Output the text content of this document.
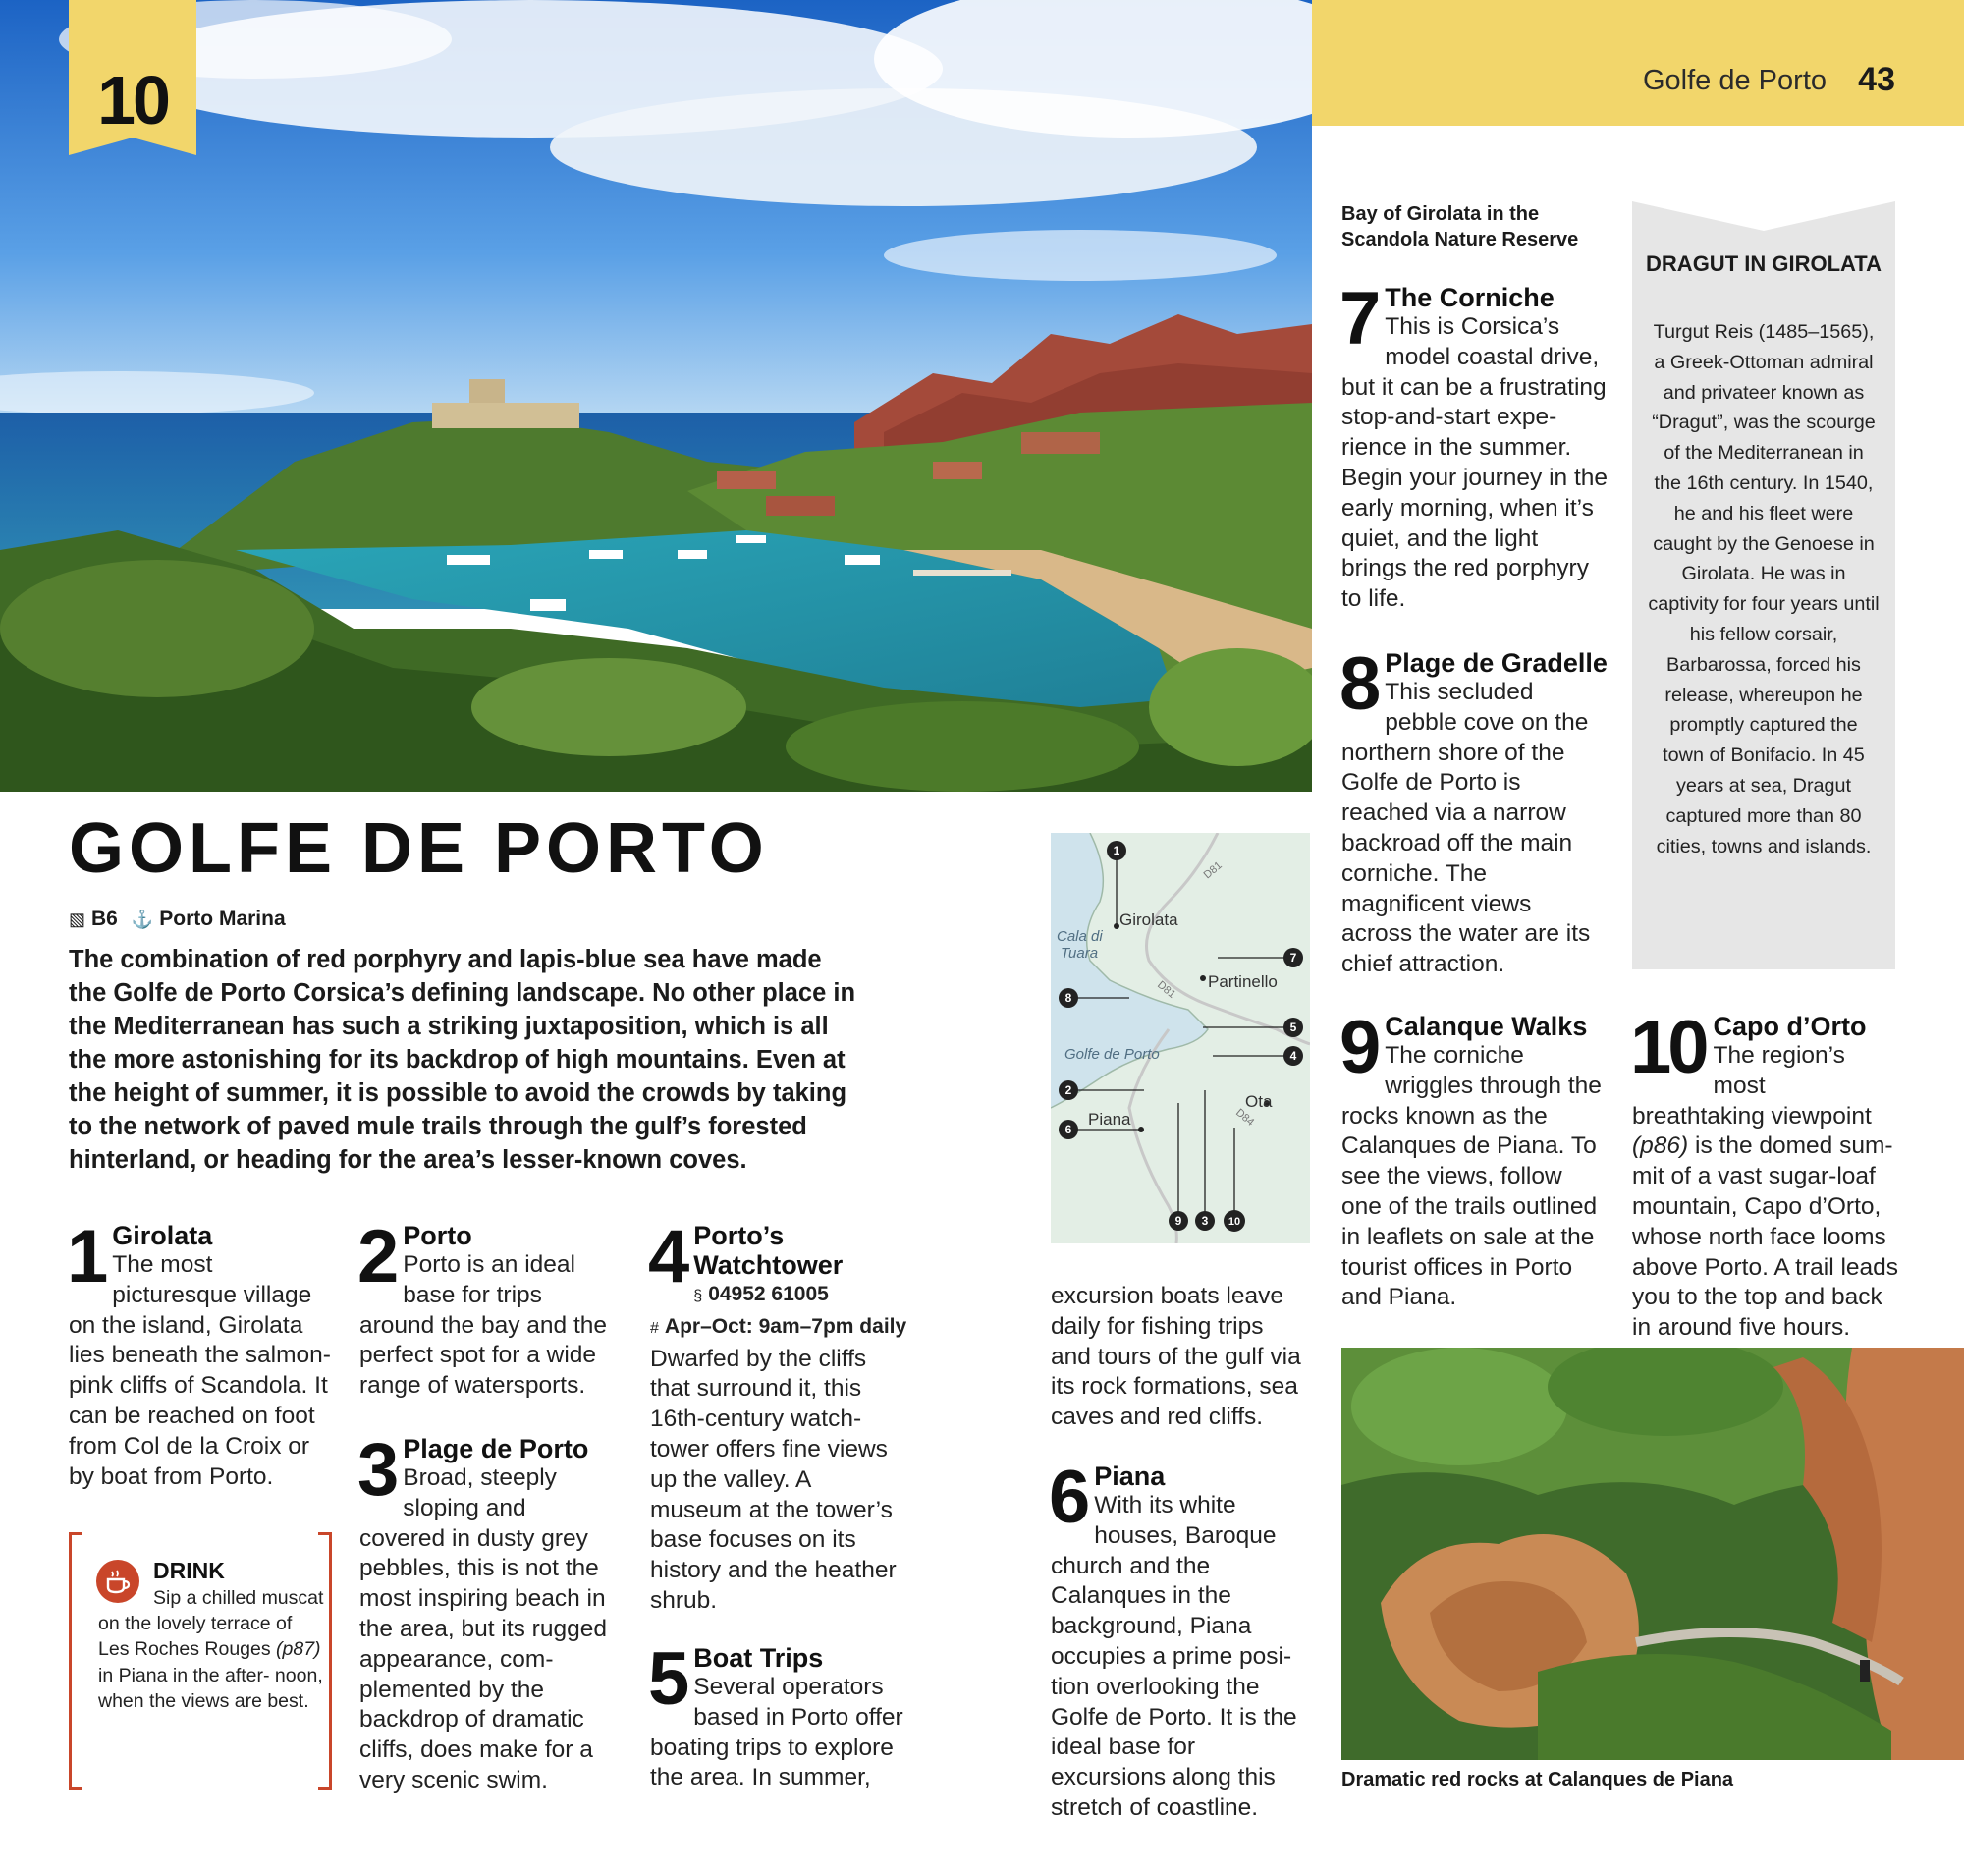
Golfe de Porto 43
10
GOLFE DE PORTO
▧ B6 ⚓ Porto Marina
The combination of red porphyry and lapis-blue sea have made the Golfe de Porto Corsica’s defining landscape. No other place in the Mediterranean has such a striking juxtaposition, which is all the more astonishing for its backdrop of high mountains. Even at the height of summer, it is possible to avoid the crowds by taking to the network of paved mule trails through the gulf’s forested hinterland, or heading for the area’s lesser-known coves.
1 Girolata
The most picturesque village on the island, Girolata lies beneath the salmon-pink cliffs of Scandola. It can be reached on foot from Col de la Croix or by boat from Porto.
DRINK
Sip a chilled muscat on the lovely terrace of Les Roches Rouges (p87) in Piana in the after- noon, when the views are best.
2 Porto
Porto is an ideal base for trips around the bay and the perfect spot for a wide range of watersports.
3 Plage de Porto
Broad, steeply sloping and covered in dusty grey pebbles, this is not the most inspiring beach in the area, but its rugged appearance, com-plemented by the backdrop of dramatic cliffs, does make for a very scenic swim.
4 Porto’s Watchtower
§ 04952 61005
# Apr–Oct: 9am–7pm daily
Dwarfed by the cliffs that surround it, this 16th-century watch-tower offers fine views up the valley. A museum at the tower’s base focuses on its history and the heather shrub.
5 Boat Trips
Several operators based in Porto offer boating trips to explore the area. In summer,
Girolata
Partinello
Ota
Piana
Cala di
Tuara
Golfe de Porto
D81
D81
D84
1
7
8
5
4
2
6
9 3 10
excursion boats leave daily for fishing trips and tours of the gulf via its rock formations, sea caves and red cliffs.
6 Piana
With its white houses, Baroque church and the Calanques in the background, Piana occupies a prime posi-tion overlooking the Golfe de Porto. It is the ideal base for excursions along this stretch of coastline.
Bay of Girolata in the Scandola Nature Reserve
7 The Corniche
This is Corsica’s model coastal drive, but it can be a frustrating stop-and-start expe-rience in the summer. Begin your journey in the early morning, when it’s quiet, and the light brings the red porphyry to life.
8 Plage de Gradelle
This secluded pebble cove on the northern shore of the Golfe de Porto is reached via a narrow backroad off the main corniche. The magnificent views across the water are its chief attraction.
9 Calanque Walks
The corniche wriggles through the rocks known as the Calanques de Piana. To see the views, follow one of the trails outlined in leaflets on sale at the tourist offices in Porto and Piana.
DRAGUT IN GIROLATA
Turgut Reis (1485–1565), a Greek-Ottoman admiral and privateer known as “Dragut”, was the scourge of the Mediterranean in the 16th century. In 1540, he and his fleet were caught by the Genoese in Girolata. He was in captivity for four years until his fellow corsair, Barbarossa, forced his release, whereupon he promptly captured the town of Bonifacio. In 45 years at sea, Dragut captured more than 80 cities, towns and islands.
10 Capo d’Orto
The region’s most breathtaking viewpoint (p86) is the domed sum-mit of a vast sugar-loaf mountain, Capo d’Orto, whose north face looms above Porto. A trail leads you to the top and back in around five hours.
Dramatic red rocks at Calanques de Piana
